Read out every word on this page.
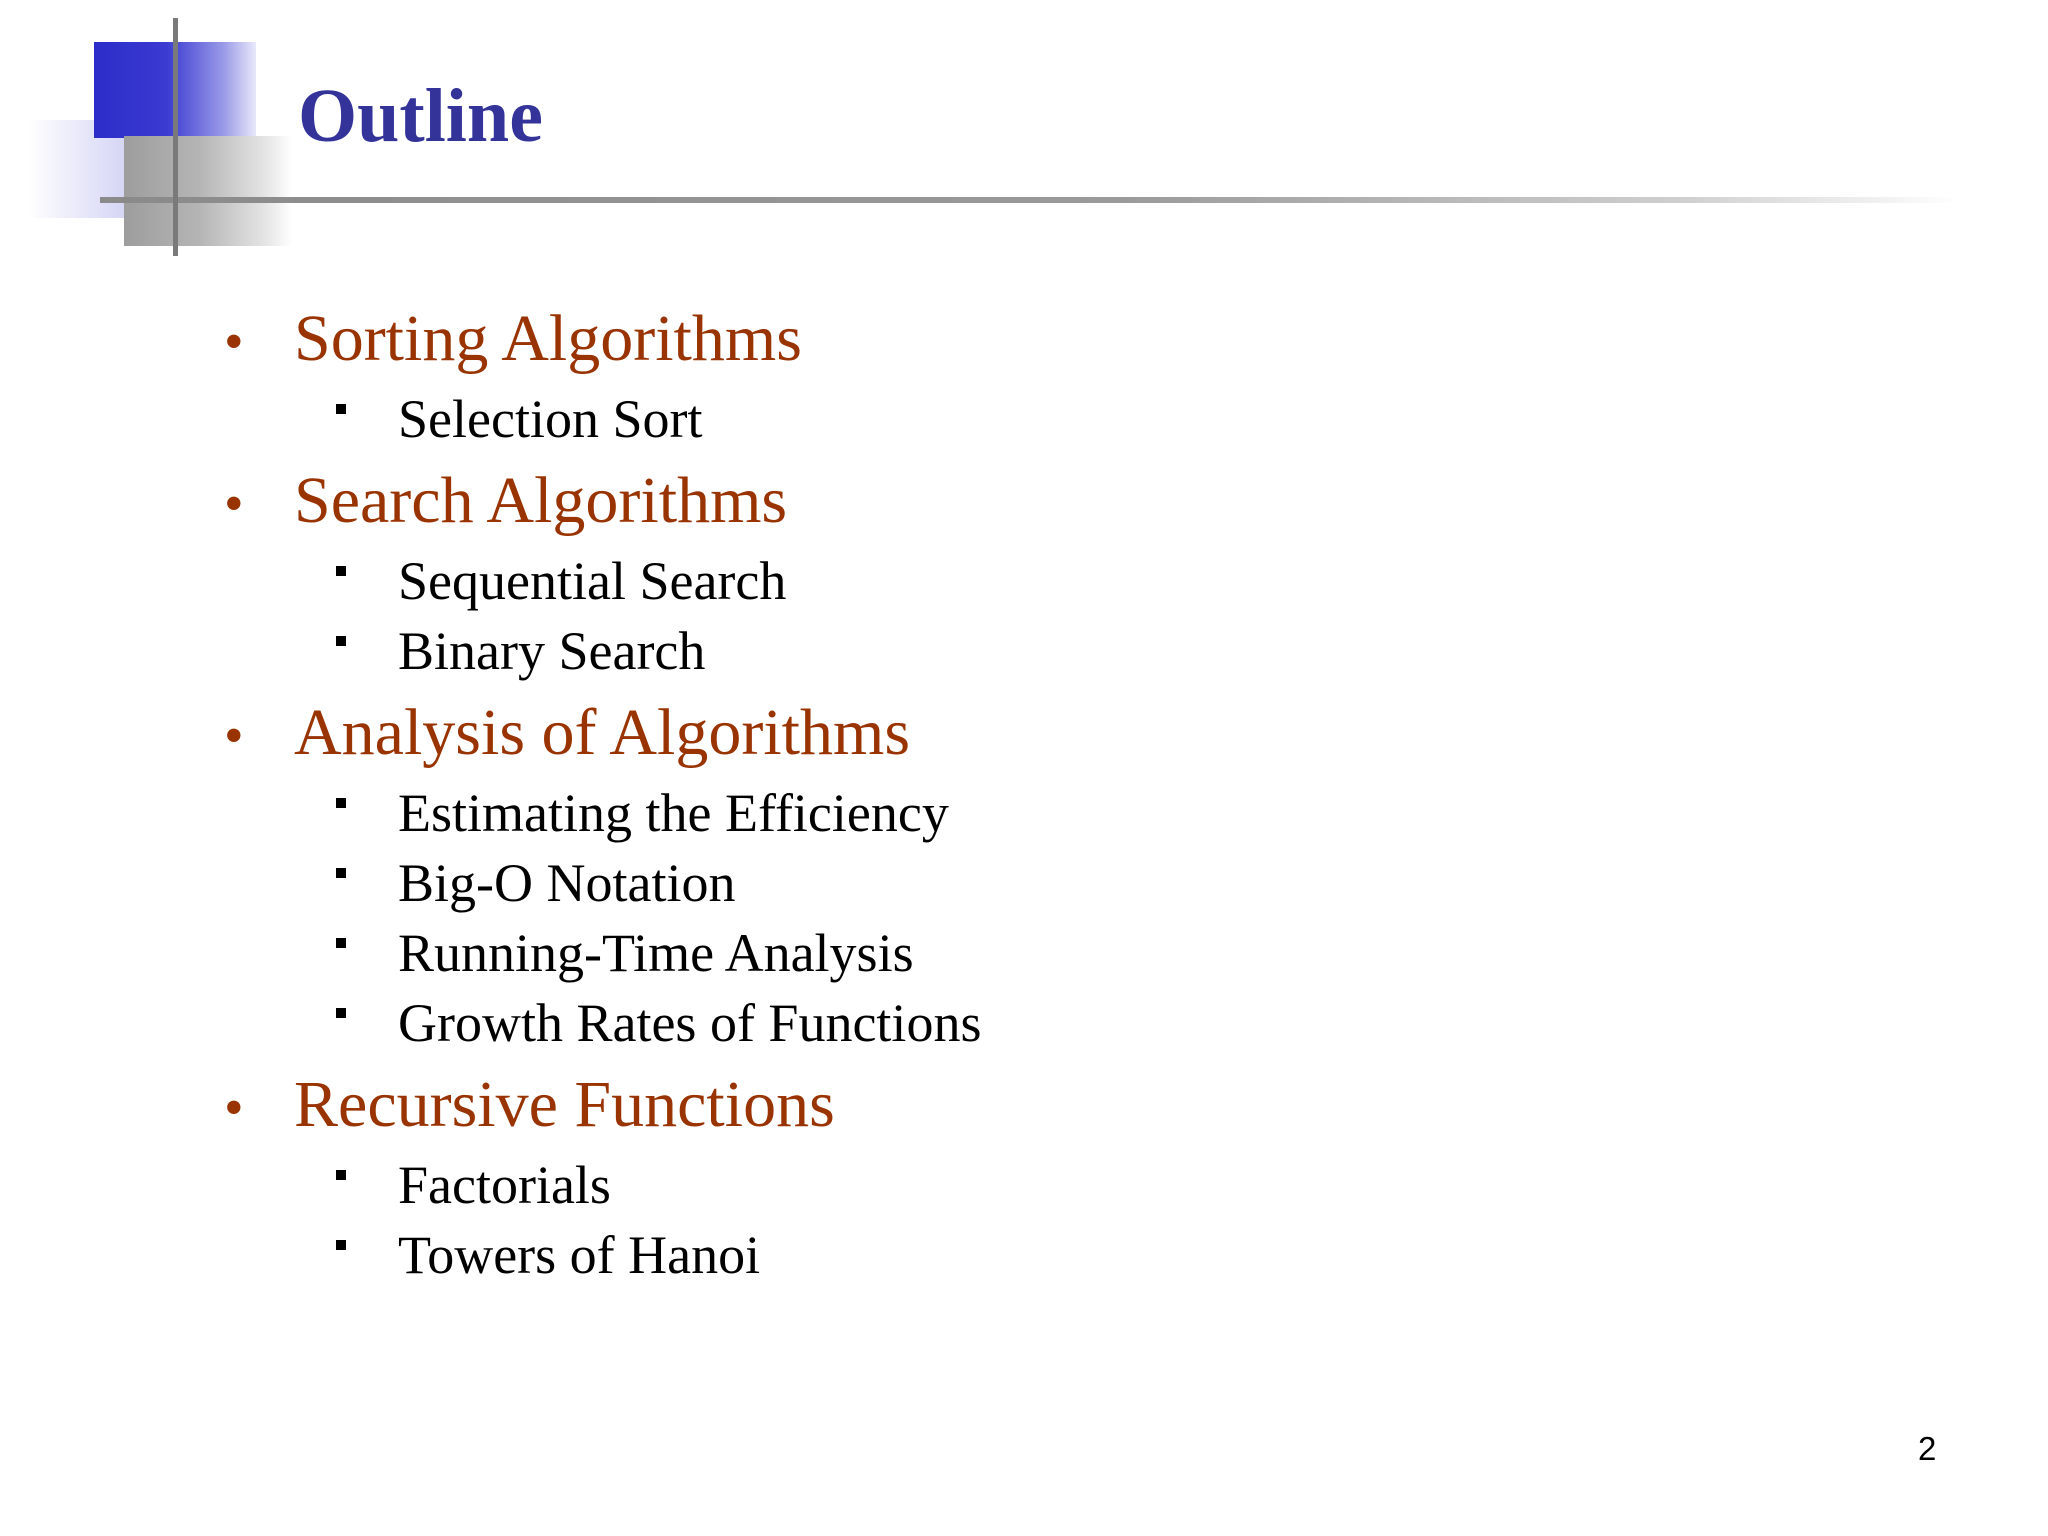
Outline
• Sorting Algorithms
Selection Sort
• Search Algorithms
Sequential Search
Binary Search
• Analysis of Algorithms
Estimating the Efficiency
Big-O Notation
Running-Time Analysis
Growth Rates of Functions
• Recursive Functions
Factorials
Towers of Hanoi
2
